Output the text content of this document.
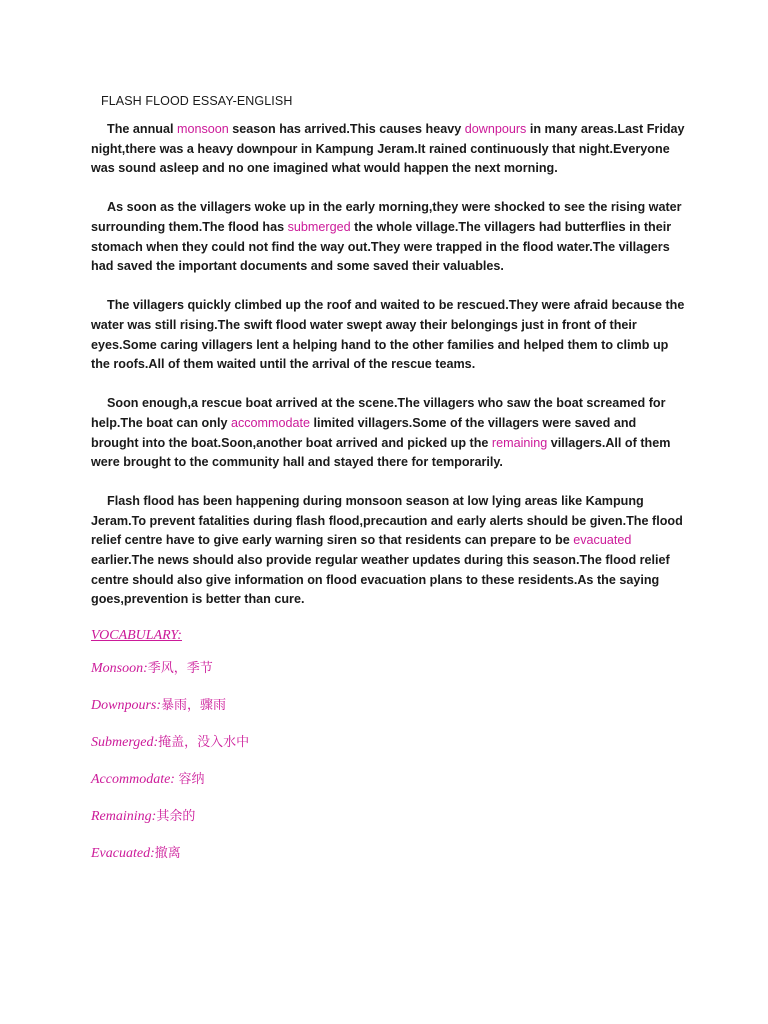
FLASH FLOOD ESSAY-ENGLISH

The annual monsoon season has arrived.This causes heavy downpours in many areas.Last Friday night,there was a heavy downpour in Kampung Jeram.It rained continuously that night.Everyone was sound asleep and no one imagined what would happen the next morning.

As soon as the villagers woke up in the early morning,they were shocked to see the rising water surrounding them.The flood has submerged the whole village.The villagers had butterflies in their stomach when they could not find the way out.They were trapped in the flood water.The villagers had saved the important documents and some saved their valuables.

The villagers quickly climbed up the roof and waited to be rescued.They were afraid because the water was still rising.The swift flood water swept away their belongings just in front of their eyes.Some caring villagers lent a helping hand to the other families and helped them to climb up the roofs.All of them waited until the arrival of the rescue teams.

Soon enough,a rescue boat arrived at the scene.The villagers who saw the boat screamed for help.The boat can only accommodate limited villagers.Some of the villagers were saved and brought into the boat.Soon,another boat arrived and picked up the remaining villagers.All of them were brought to the community hall and stayed there for temporarily.

Flash flood has been happening during monsoon season at low lying areas like Kampung Jeram.To prevent fatalities during flash flood,precaution and early alerts should be given.The flood relief centre have to give early warning siren so that residents can prepare to be evacuated earlier.The news should also provide regular weather updates during this season.The flood relief centre should also give information on flood evacuation plans to these residents.As the saying goes,prevention is better than cure.

VOCABULARY:
Monsoon:季风，季节
Downpours:暴雨，骤雨
Submerged:掩盖，没入水中
Accommodate: 容纳
Remaining:其余的
Evacuated:撤离
